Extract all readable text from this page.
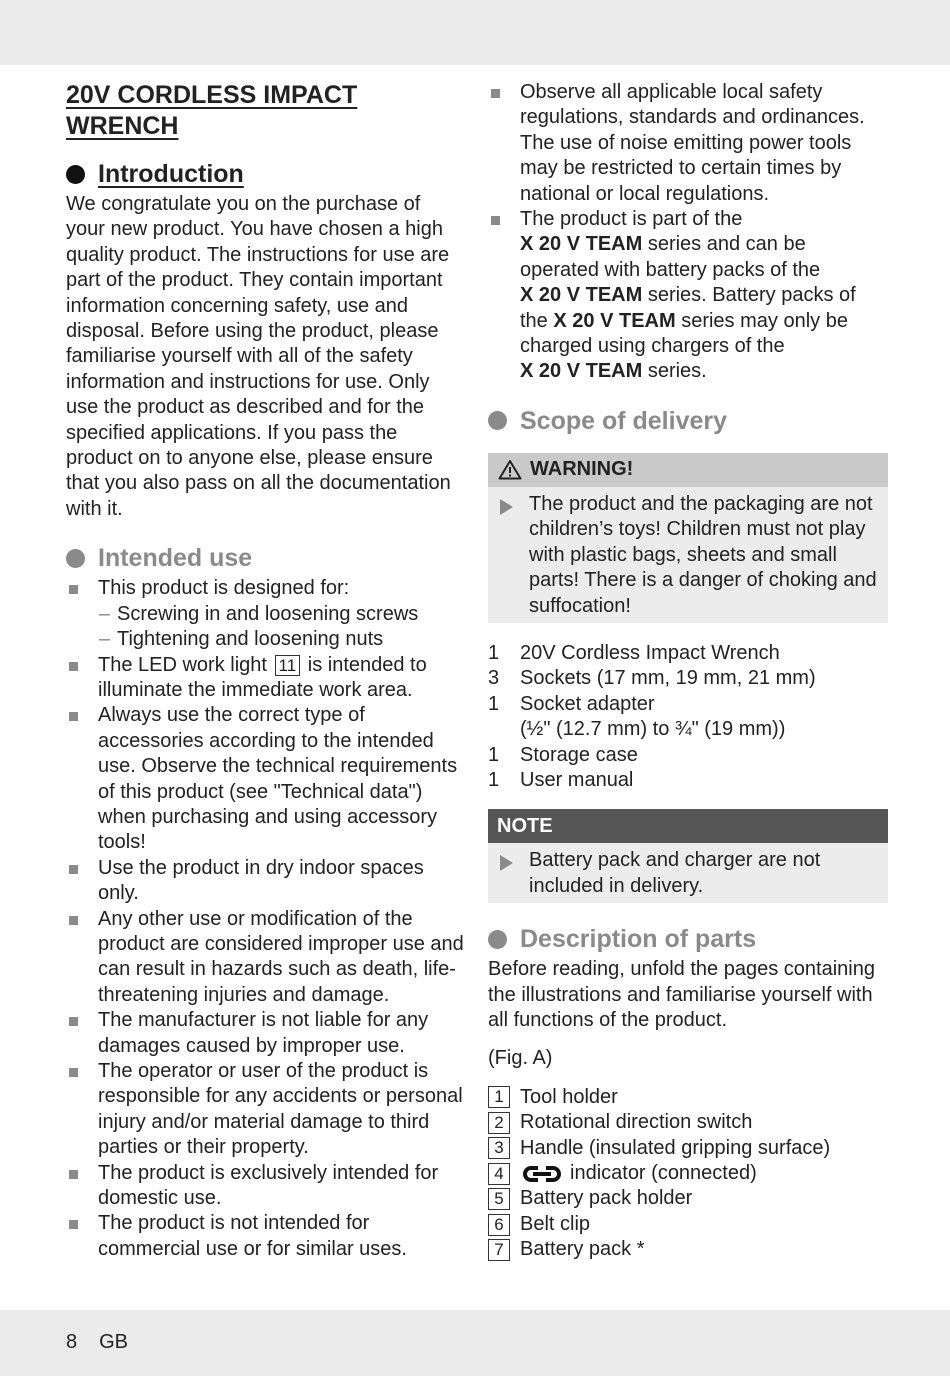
20V CORDLESS IMPACT WRENCH
Introduction

We congratulate you on the purchase of your new product. You have chosen a high quality product. The instructions for use are part of the product. They contain important information concerning safety, use and disposal. Before using the product, please familiarise yourself with all of the safety information and instructions for use. Only use the product as described and for the specified applications. If you pass the product on to anyone else, please ensure that you also pass on all the documentation with it.

Intended use
This product is designed for:
– Screwing in and loosening screws
– Tightening and loosening nuts
The LED work light 11 is intended to illuminate the immediate work area.
Always use the correct type of accessories according to the intended use. Observe the technical requirements of this product (see "Technical data") when purchasing and using accessory tools!
Use the product in dry indoor spaces only.
Any other use or modification of the product are considered improper use and can result in hazards such as death, life-threatening injuries and damage.
The manufacturer is not liable for any damages caused by improper use.
The operator or user of the product is responsible for any accidents or personal injury and/or material damage to third parties or their property.
The product is exclusively intended for domestic use.
The product is not intended for commercial use or for similar uses.
Observe all applicable local safety regulations, standards and ordinances. The use of noise emitting power tools may be restricted to certain times by national or local regulations.
The product is part of the
X 20 V TEAM series and can be operated with battery packs of the
X 20 V TEAM series. Battery packs of the X 20 V TEAM series may only be charged using chargers of the
X 20 V TEAM series.
Scope of delivery
WARNING!

The product and the packaging are not children’s toys! Children must not play with plastic bags, sheets and small parts! There is a danger of choking and suffocation!

1	20V Cordless Impact Wrench
3	Sockets (17 mm, 19 mm, 21 mm)
1	Socket adapter
(½" (12.7 mm) to ¾" (19 mm))
1	Storage case
1	User manual
NOTE

Battery pack and charger are not included in delivery.

Description of parts

Before reading, unfold the pages containing the illustrations and familiarise yourself with all functions of the product.

(Fig. A)

1 Tool holder
2 Rotational direction switch
3 Handle (insulated gripping surface)
4	indicator (connected)
5 Battery pack holder
6 Belt clip
7 Battery pack *
8 GB
